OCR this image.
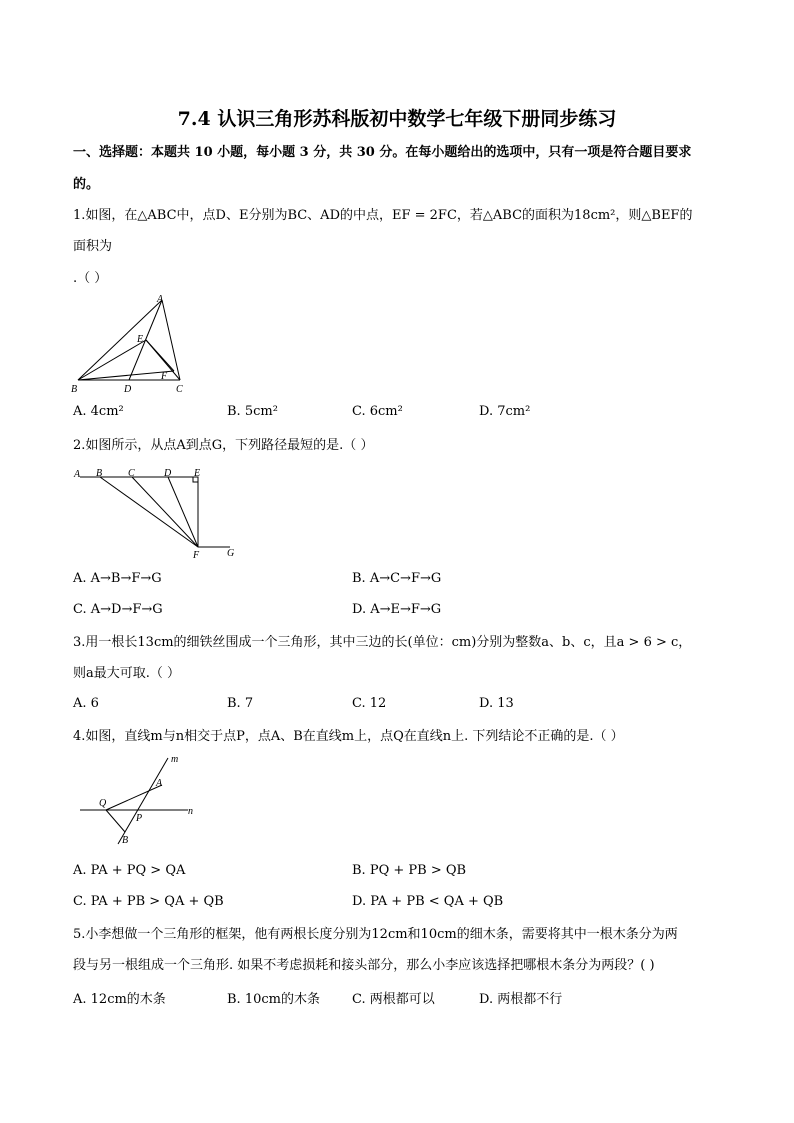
7.4 认识三角形苏科版初中数学七年级下册同步练习
一、选择题：本题共 10 小题，每小题 3 分，共 30 分。在每小题给出的选项中，只有一项是符合题目要求
的。
1.如图，在△ABC中，点D、E分别为BC、AD的中点，EF = 2FC，若△ABC的面积为18cm²，则△BEF的
面积为
.（ ）
A
E
F
B	D	C
A. 4cm²	B. 5cm²	C. 6cm²	D. 7cm²
2.如图所示，从点A到点G，下列路径最短的是.（ ）
A B	C	D E
F	G
A. A→B→F→G	B. A→C→F→G
C. A→D→F→G	D. A→E→F→G
3.用一根长13cm的细铁丝围成一个三角形，其中三边的长(单位：cm)分别为整数a、b、c，且a > 6 > c，
则a最大可取.（ ）
A. 6	B. 7	C. 12	D. 13
4.如图，直线m与n相交于点P，点A、B在直线m上，点Q在直线n上. 下列结论不正确的是.（ ）
m
A
Q
P
n
B
A. PA + PQ > QA	B. PQ + PB > QB
C. PA + PB > QA + QB	D. PA + PB < QA + QB
5.小李想做一个三角形的框架，他有两根长度分别为12cm和10cm的细木条，需要将其中一根木条分为两
段与另一根组成一个三角形. 如果不考虑损耗和接头部分，那么小李应该选择把哪根木条分为两段？( )
A. 12cm的木条	B. 10cm的木条 C. 两根都可以	D. 两根都不行
